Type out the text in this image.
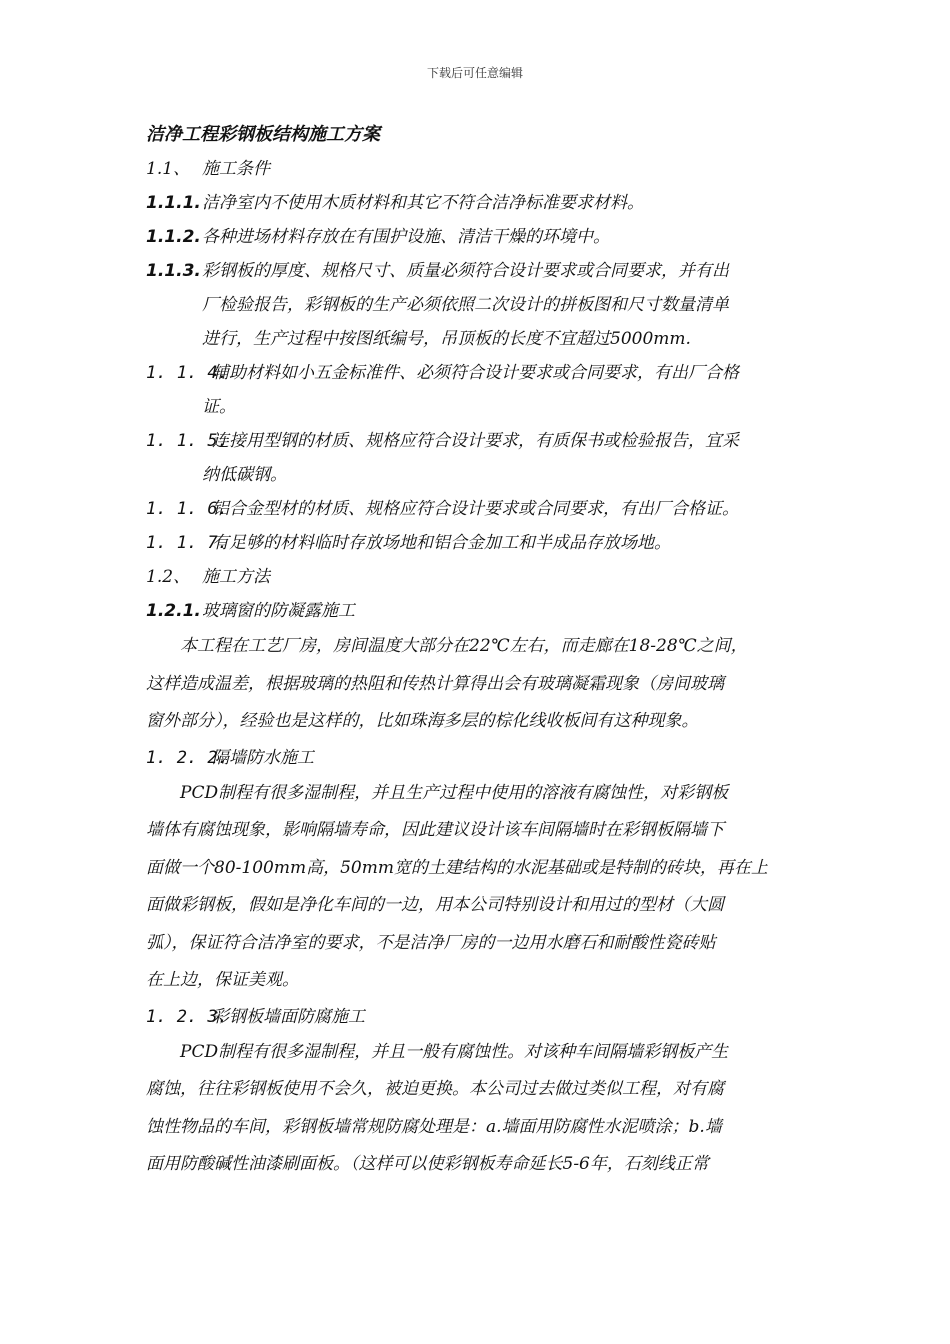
下载后可任意编辑

洁净工程彩钢板结构施工方案

1.1、 施工条件

1.1.1. 洁净室内不使用木质材料和其它不符合洁净标准要求材料。

1.1.2. 各种进场材料存放在有围护设施、清洁干燥的环境中。

1.1.3. 彩钢板的厚度、规格尺寸、质量必须符合设计要求或合同要求，并有出

厂检验报告，彩钢板的生产必须依照二次设计的拼板图和尺寸数量清单

进行，生产过程中按图纸编号，吊顶板的长度不宜超过5000mm.

1. 1. 4.
辅助材料如小五金标准件、必须符合设计要求或合同要求，有出厂合格

证。

1. 1. 5.
连接用型钢的材质、规格应符合设计要求，有质保书或检验报告，宜采

纳低碳钢。

1. 1. 6.
铝合金型材的材质、规格应符合设计要求或合同要求，有出厂合格证。

1. 1. 7.
有足够的材料临时存放场地和铝合金加工和半成品存放场地。

1.2、 施工方法

1.2.1. 玻璃窗的防凝露施工

本工程在工艺厂房，房间温度大部分在22℃左右，而走廊在18-28℃之间，

这样造成温差，根据玻璃的热阻和传热计算得出会有玻璃凝霜现象（房间玻璃

窗外部分），经验也是这样的，比如珠海多层的棕化线收板间有这种现象。

1. 2. 2.
隔墙防水施工

PCD制程有很多湿制程，并且生产过程中使用的溶液有腐蚀性，对彩钢板

墙体有腐蚀现象，影响隔墙寿命，因此建议设计该车间隔墙时在彩钢板隔墙下

面做一个80-100mm高，50mm宽的土建结构的水泥基础或是特制的砖块，再在上

面做彩钢板，假如是净化车间的一边，用本公司特别设计和用过的型材（大圆

弧），保证符合洁净室的要求，不是洁净厂房的一边用水磨石和耐酸性瓷砖贴

在上边，保证美观。

1. 2. 3.
彩钢板墙面防腐施工

PCD制程有很多湿制程，并且一般有腐蚀性。对该种车间隔墙彩钢板产生

腐蚀，往往彩钢板使用不会久，被迫更换。本公司过去做过类似工程，对有腐

蚀性物品的车间，彩钢板墙常规防腐处理是：a.墙面用防腐性水泥喷涂；b.墙

面用防酸碱性油漆刷面板。（这样可以使彩钢板寿命延长5-6年，石刻线正常
